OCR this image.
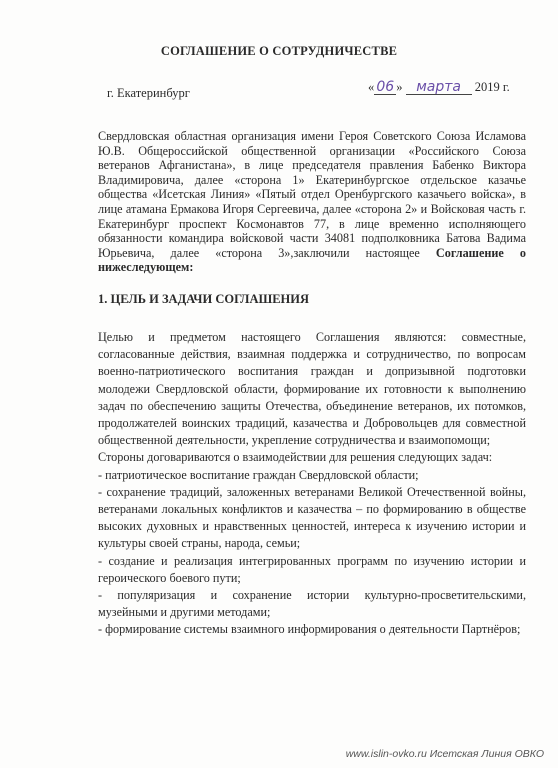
СОГЛАШЕНИЕ О СОТРУДНИЧЕСТВЕ
г. Екатеринбург	« 06 » марта 2019 г.
Свердловская областная организация имени Героя Советского Союза Исламова Ю.В. Общероссийской общественной организации «Российского Союза ветеранов Афганистана», в лице председателя правления Бабенко Виктора Владимировича, далее «сторона 1» Екатеринбургское отдельское казачье общества «Исетская Линия» «Пятый отдел Оренбургского казачьего войска», в лице атамана Ермакова Игоря Сергеевича, далее «сторона 2» и Войсковая часть г. Екатеринбург проспект Космонавтов 77, в лице временно исполняющего обязанности командира войсковой части 34081 подполковника Батова Вадима Юрьевича, далее «сторона 3»,заключили настоящее Соглашение о нижеследующем:
1. ЦЕЛЬ И ЗАДАЧИ СОГЛАШЕНИЯ

Целью и предметом настоящего Соглашения являются: совместные, согласованные действия, взаимная поддержка и сотрудничество, по вопросам военно-патриотического воспитания граждан и допризывной подготовки молодежи Свердловской области, формирование их готовности к выполнению задач по обеспечению защиты Отечества, объединение ветеранов, их потомков, продолжателей воинских традиций, казачества и Добровольцев для совместной общественной деятельности, укрепление сотрудничества и взаимопомощи;

Стороны договариваются о взаимодействии для решения следующих задач:

- патриотическое воспитание граждан Свердловской области;

- сохранение традиций, заложенных ветеранами Великой Отечественной войны, ветеранами локальных конфликтов и казачества – по формированию в обществе высоких духовных и нравственных ценностей, интереса к изучению истории и культуры своей страны, народа, семьи;

- создание и реализация интегрированных программ по изучению истории и героического боевого пути;

- популяризация и сохранение истории культурно-просветительскими, музейными и другими методами;

- формирование системы взаимного информирования о деятельности Партнёров;

www.islin-ovko.ru Исетская Линия ОВКО
